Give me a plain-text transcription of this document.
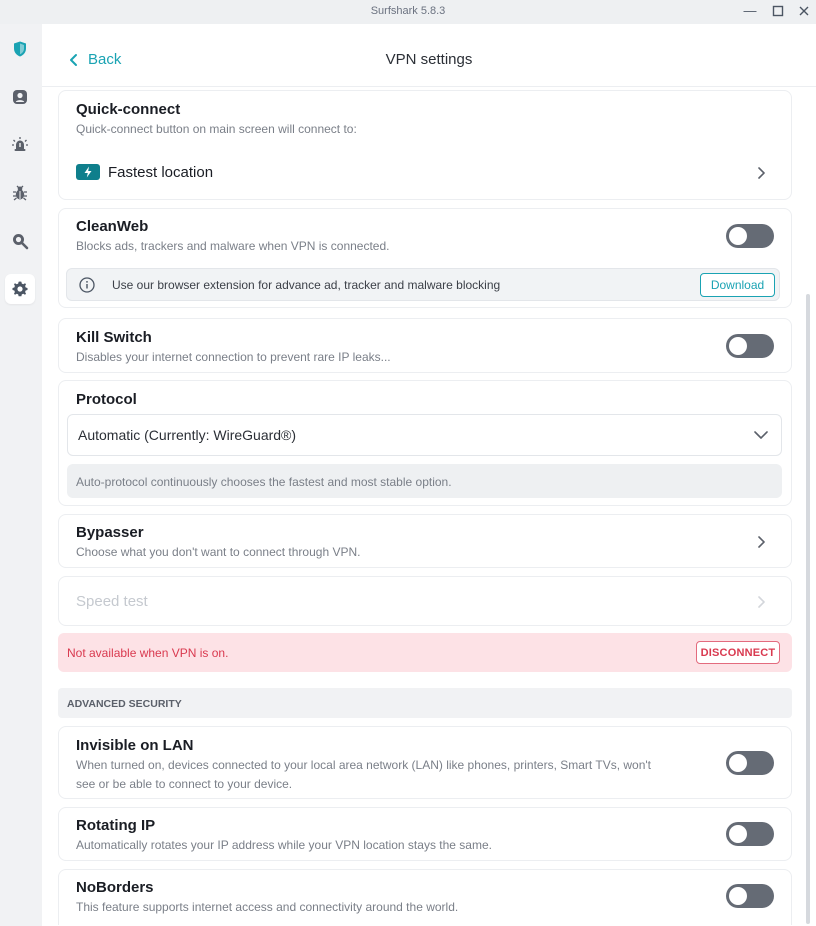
Surfshark 5.8.3	—
Back	VPN settings
Quick-connect
Quick-connect button on main screen will connect to:
Fastest location
CleanWeb
Blocks ads, trackers and malware when VPN is connected.
Use our browser extension for advance ad, tracker and malware blocking	Download
Kill Switch
Disables your internet connection to prevent rare IP leaks...
Protocol
Automatic (Currently: WireGuard®)
Auto-protocol continuously chooses the fastest and most stable option.
Bypasser
Choose what you don't want to connect through VPN.
Speed test
Not available when VPN is on.	DISCONNECT
ADVANCED SECURITY
Invisible on LAN
When turned on, devices connected to your local area network (LAN) like phones, printers, Smart TVs, won't
see or be able to connect to your device.
Rotating IP
Automatically rotates your IP address while your VPN location stays the same.
NoBorders
This feature supports internet access and connectivity around the world.
